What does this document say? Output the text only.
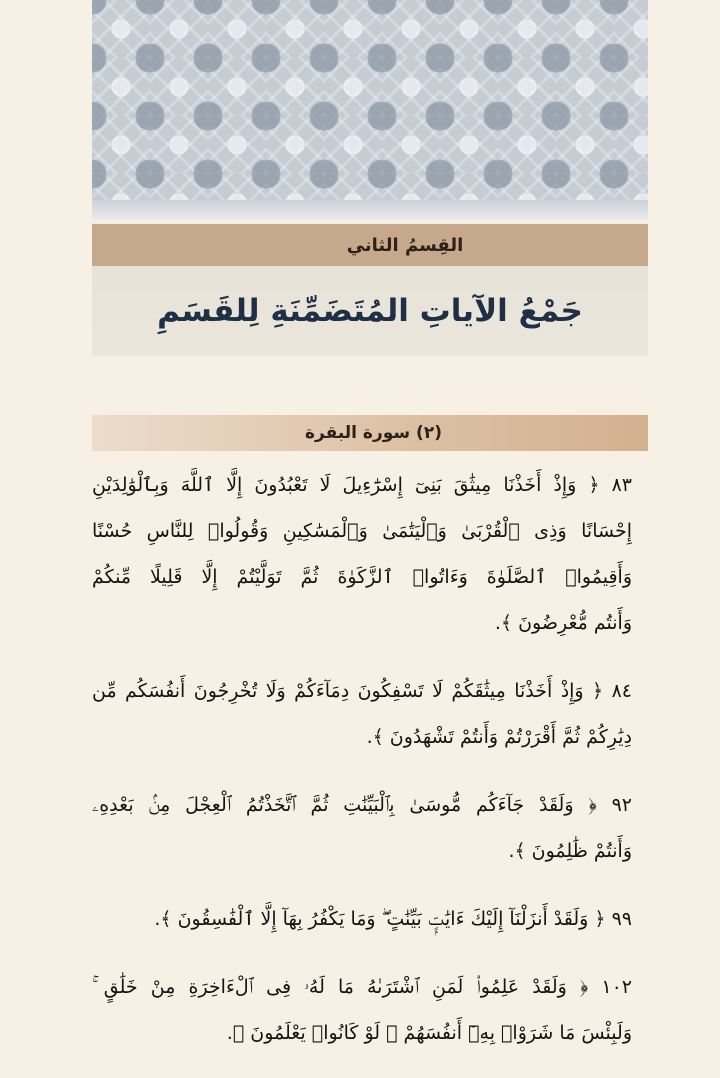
القِسمُ الثاني
جَمْعُ الآياتِ المُتَضَمِّنَةِ لِلقَسَمِ
(٢) سورة البقرة
٨٣ ﴿ وَإِذْ أَخَذْنَا مِيثَٰقَ بَنِىٓ إِسْرَٰٓءِيلَ لَا تَعْبُدُونَ إِلَّا ٱللَّهَ وَبِٱلْوَٰلِدَيْنِ
إِحْسَانًا وَذِى ٱلْقُرْبَىٰ وَٱلْيَتَٰمَىٰ وَٱلْمَسَٰكِينِ وَقُولُوا۟ لِلنَّاسِ حُسْنًا
وَأَقِيمُوا۟ ٱلصَّلَوٰةَ وَءَاتُوا۟ ٱلزَّكَوٰةَ ثُمَّ تَوَلَّيْتُمْ إِلَّا قَلِيلًا مِّنكُمْ
وَأَنتُم مُّعْرِضُونَ ﴾.
٨٤ ﴿ وَإِذْ أَخَذْنَا مِيثَٰقَكُمْ لَا تَسْفِكُونَ دِمَآءَكُمْ وَلَا تُخْرِجُونَ أَنفُسَكُم مِّن
دِيَٰرِكُمْ ثُمَّ أَقْرَرْتُمْ وَأَنتُمْ تَشْهَدُونَ ﴾.
٩٢ ﴿ وَلَقَدْ جَآءَكُم مُّوسَىٰ بِٱلْبَيِّنَٰتِ ثُمَّ ٱتَّخَذْتُمُ ٱلْعِجْلَ مِنۢ بَعْدِهِۦ
وَأَنتُمْ ظَٰلِمُونَ ﴾.
٩٩ ﴿ وَلَقَدْ أَنزَلْنَآ إِلَيْكَ ءَايَٰتٍۭ بَيِّنَٰتٍ ۖ وَمَا يَكْفُرُ بِهَآ إِلَّا ٱلْفَٰسِقُونَ ﴾.
١٠٢ ﴿ وَلَقَدْ عَلِمُوا۟ لَمَنِ ٱشْتَرَىٰهُ مَا لَهُۥ فِى ٱلْءَاخِرَةِ مِنْ خَلَٰقٍ ۚ
وَلَبِئْسَ مَا شَرَوْا۟ بِهِۦٓ أَنفُسَهُمْ ۚ لَوْ كَانُوا۟ يَعْلَمُونَ ﴾.
